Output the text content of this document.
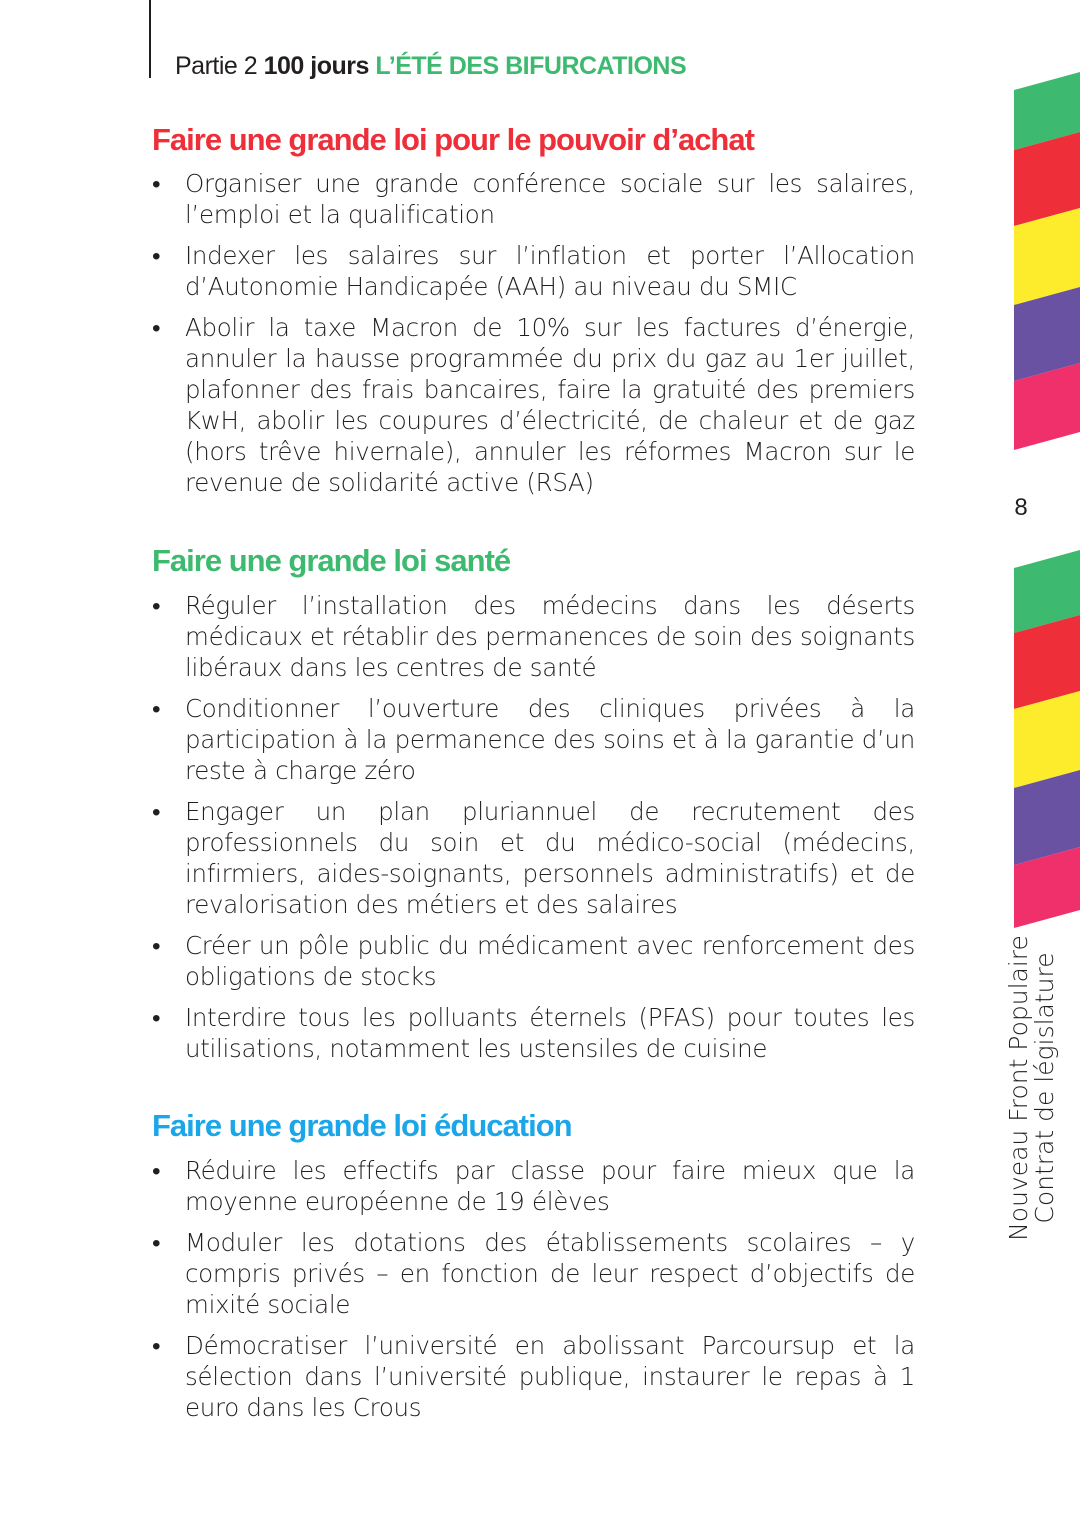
Partie 2 100 jours L’ÉTÉ DES BIFURCATIONS
Faire une grande loi pour le pouvoir d’achat
• Organiser une grande conférence sociale sur les salaires, l’emploi et la qualification
• Indexer les salaires sur l’inflation et porter l’Allocation d’Autonomie Handicapée (AAH) au niveau du SMIC
• Abolir la taxe Macron de 10% sur les factures d’énergie, annuler la hausse programmée du prix du gaz au 1er juillet, plafonner des frais bancaires, faire la gratuité des premiers KwH, abolir les coupures d’électricité, de chaleur et de gaz (hors trêve hivernale), annuler les réformes Macron sur le revenue de solidarité active (RSA)
Faire une grande loi santé
• Réguler l’installation des médecins dans les déserts médicaux et rétablir des permanences de soin des soignants libéraux dans les centres de santé
• Conditionner l’ouverture des cliniques privées à la participation à la permanence des soins et à la garantie d’un reste à charge zéro
• Engager un plan pluriannuel de recrutement des professionnels du soin et du médico-social (médecins, infirmiers, aides-soignants, personnels administratifs) et de revalorisation des métiers et des salaires
• Créer un pôle public du médicament avec renforcement des obligations de stocks
• Interdire tous les polluants éternels (PFAS) pour toutes les utilisations, notamment les ustensiles de cuisine
Faire une grande loi éducation
• Réduire les effectifs par classe pour faire mieux que la moyenne européenne de 19 élèves
• Moduler les dotations des établissements scolaires – y compris privés – en fonction de leur respect d’objectifs de mixité sociale
• Démocratiser l’université en abolissant Parcoursup et la sélection dans l’université publique, instaurer le repas à 1 euro dans les Crous
8
Nouveau Front Populaire
Contrat de législature
